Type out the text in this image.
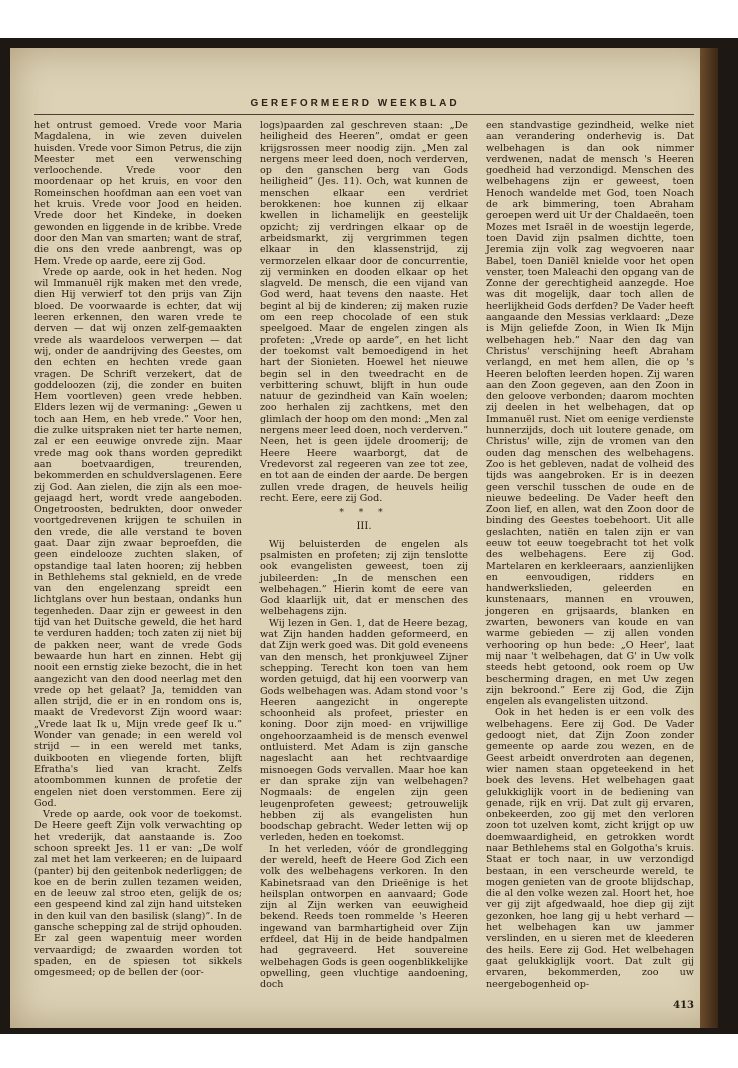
GEREFORMEERD WEEKBLAD

het ontrust gemoed. Vrede voor Maria Magdalena, in wie zeven duivelen huisden. Vrede voor Simon Petrus, die zijn Meester met een verwensching verloochende. Vrede voor den moordenaar op het kruis, en voor den Romeinschen hoofdman aan een voet van het kruis. Vrede voor Jood en heiden. Vrede door het Kindeke, in doeken gewonden en liggende in de kribbe. Vrede door den Man van smarten; want de straf, die ons den vrede aanbrengt, was op Hem. Vrede op aarde, eere zij God.

Vrede op aarde, ook in het heden. Nog wil Immanuël rijk maken met den vrede, dien Hij verwierf tot den prijs van Zijn bloed. De voorwaarde is echter, dat wij leeren erkennen, den waren vrede te derven — dat wij onzen zelf-gemaakten vrede als waardeloos verwerpen — dat wij, onder de aandrijving des Geestes, om den echten en hechten vrede gaan vragen. De Schrift verzekert, dat de goddeloozen (zij, die zonder en buiten Hem voortleven) geen vrede hebben. Elders lezen wij de vermaning: „Gewen u toch aan Hem, en heb vrede.” Voor hen, die zulke uitspraken niet ter harte nemen, zal er een eeuwige onvrede zijn. Maar vrede mag ook thans worden gepredikt aan boetvaardigen, treurenden, bekommerden en schuldverslagenen. Eere zij God. Aan zielen, die zijn als een moe-gejaagd hert, wordt vrede aangeboden. Ongetroosten, bedrukten, door onweder voortgedrevenen krijgen te schuilen in den vrede, die alle verstand te boven gaat. Daar zijn zwaar beproefden, die geen eindelooze zuchten slaken, of opstandige taal laten hooren; zij hebben in Bethlehems stal geknield, en de vrede van den engelenzang spreidt een lichtglans over hun bestaan, ondanks hun tegenheden. Daar zijn er geweest in den tijd van het Duitsche geweld, die het hard te verduren hadden; toch zaten zij niet bij de pakken neer, want de vrede Gods bewaarde hun hart en zinnen. Hebt gij nooit een ernstig zieke bezocht, die in het aangezicht van den dood neerlag met den vrede op het gelaat? Ja, temidden van allen strijd, die er in en rondom ons is, maakt de Vredevorst Zijn woord waar: „Vrede laat Ik u, Mijn vrede geef Ik u.” Wonder van genade; in een wereld vol strijd — in een wereld met tanks, duikbooten en vliegende forten, blijft Efratha's lied van kracht. Zelfs atoombommen kunnen de profetie der engelen niet doen verstommen. Eere zij God.

Vrede op aarde, ook voor de toekomst. De Heere geeft Zijn volk verwachting op het vrederijk, dat aanstaande is. Zoo schoon spreekt Jes. 11 er van: „De wolf zal met het lam verkeeren; en de luipaard (panter) bij den geitenbok nederliggen; de koe en de berin zullen tezamen weiden, en de leeuw zal stroo eten, gelijk de os; een gespeend kind zal zijn hand uitsteken in den kuil van den basilisk (slang)”. In de gansche schepping zal de strijd ophouden. Er zal geen wapentuig meer worden vervaardigd; de zwaarden worden tot spaden, en de spiesen tot sikkels omgesmeed; op de bellen der (oor-

logs)paarden zal geschreven staan: „De heiligheid des Heeren”, omdat er geen krijgsrossen meer noodig zijn. „Men zal nergens meer leed doen, noch verderven, op den ganschen berg van Gods heiligheid” (Jes. 11). Och, wat kunnen de menschen elkaar een verdriet berokkenen: hoe kunnen zij elkaar kwellen in lichamelijk en geestelijk opzicht; zij verdringen elkaar op de arbeidsmarkt, zij vergrimmen tegen elkaar in den klassenstrijd, zij vermorzelen elkaar door de concurrentie, zij verminken en dooden elkaar op het slagveld. De mensch, die een vijand van God werd, haat tevens den naaste. Het begint al bij de kinderen; zij maken ruzie om een reep chocolade of een stuk speelgoed. Maar de engelen zingen als profeten: „Vrede op aarde”, en het licht der toekomst valt bemoedigend in het hart der Sionieten. Hoewel het nieuwe begin sel in den tweedracht en de verbittering schuwt, blijft in hun oude natuur de gezindheid van Kaïn woelen; zoo herhalen zij zachtkens, met den glimlach der hoop om den mond: „Men zal nergens meer leed doen, noch verderven.” Neen, het is geen ijdele droomerij; de Heere Heere waarborgt, dat de Vredevorst zal regeeren van zee tot zee, en tot aan de einden der aarde. De bergen zullen vrede dragen, de heuvels heilig recht. Eere, eere zij God.

* * *
III.

Wij beluisterden de engelen als psalmisten en profeten; zij zijn tenslotte ook evangelisten geweest, toen zij jubileerden: „In de menschen een welbehagen.” Hierin komt de eere van God klaarlijk uit, dat er menschen des welbehagens zijn.

Wij lezen in Gen. 1, dat de Heere bezag, wat Zijn handen hadden geformeerd, en dat Zijn werk goed was. Dit gold eveneens van den mensch, het pronkjuweel Zijner schepping. Terecht kon toen van hem worden getuigd, dat hij een voorwerp van Gods welbehagen was. Adam stond voor 's Heeren aangezicht in ongerepte schoonheid als profeet, priester en koning. Door zijn moed- en vrijwillige ongehoorzaamheid is de mensch evenwel ontluisterd. Met Adam is zijn gansche nageslacht aan het rechtvaardige misnoegen Gods vervallen. Maar hoe kan er dan sprake zijn van welbehagen? Nogmaals: de engelen zijn geen leugenprofeten geweest; getrouwelijk hebben zij als evangelisten hun boodschap gebracht. Weder letten wij op verleden, heden en toekomst.

In het verleden, vóór de grondlegging der wereld, heeft de Heere God Zich een volk des welbehagens verkoren. In den Kabinetsraad van den Drieënige is het heilsplan ontworpen en aanvaard; Gode zijn al Zijn werken van eeuwigheid bekend. Reeds toen rommelde 's Heeren ingewand van barmhartigheid over Zijn erfdeel, dat Hij in de beide handpalmen had gegraveerd. Het souvereine welbehagen Gods is geen oogenblikkelijke opwelling, geen vluchtige aandoening, doch

een standvastige gezindheid, welke niet aan verandering onderhevig is. Dat welbehagen is dan ook nimmer verdwenen, nadat de mensch 's Heeren goedheid had verzondigd. Menschen des welbehagens zijn er geweest, toen Henoch wandelde met God, toen Noach de ark bimmering, toen Abraham geroepen werd uit Ur der Chaldaeën, toen Mozes met Israël in de woestijn legerde, toen David zijn psalmen dichtte, toen Jeremia zijn volk zag wegvoeren naar Babel, toen Daniël knielde voor het open venster, toen Maleachi den opgang van de Zonne der gerechtigheid aanzegde. Hoe was dit mogelijk, daar toch allen de heerlijkheid Gods derfden? De Vader heeft aangaande den Messias verklaard: „Deze is Mijn geliefde Zoon, in Wien Ik Mijn welbehagen heb.” Naar den dag van Christus' verschijning heeft Abraham verlangd, en met hem allen, die op 's Heeren beloften leerden hopen. Zij waren aan den Zoon gegeven, aan den Zoon in den geloove verbonden; daarom mochten zij deelen in het welbehagen, dat op Immanuël rust. Niet om eenige verdienste hunnerzijds, doch uit loutere genade, om Christus' wille, zijn de vromen van den ouden dag menschen des welbehagens. Zoo is het gebleven, nadat de volheid des tijds was aangebroken. Er is in deezen geen verschil tusschen de oude en de nieuwe bedeeling. De Vader heeft den Zoon lief, en allen, wat den Zoon door de binding des Geestes toebehoort. Uit alle geslachten, natiën en talen zijn er van eeuw tot eeuw toegebracht tot het volk des welbehagens. Eere zij God. Martelaren en kerkleeraars, aanzienlijken en eenvoudigen, ridders en handwerkslieden, geleerden en kunstenaars, mannen en vrouwen, jongeren en grijsaards, blanken en zwarten, bewoners van koude en van warme gebieden — zij allen vonden verhooring op hun bede: „O Heer', laat mij naar 't welbehagen, dat G' in Uw volk steeds hebt getoond, ook roem op Uw bescherming dragen, en met Uw zegen zijn bekroond.” Eere zij God, die Zijn engelen als evangelisten uitzond.

Ook in het heden is er een volk des welbehagens. Eere zij God. De Vader gedoogt niet, dat Zijn Zoon zonder gemeente op aarde zou wezen, en de Geest arbeidt onverdroten aan degenen, wier namen staan opgeteekend in het boek des levens. Het welbehagen gaat gelukkiglijk voort in de bediening van genade, rijk en vrij. Dat zult gij ervaren, onbekeerden, zoo gij met den verloren zoon tot uzelven komt, zicht krijgt op uw doemwaardigheid, en getrokken wordt naar Bethlehems stal en Golgotha's kruis. Staat er toch naar, in uw verzondigd bestaan, in een verscheurde wereld, te mogen genieten van de groote blijdschap, die al den volke wezen zal. Hoort het, hoe ver gij zijt afgedwaald, hoe diep gij zijt gezonken, hoe lang gij u hebt verhard — het welbehagen kan uw jammer verslinden, en u sieren met de kleederen des heils. Eere zij God. Het welbehagen gaat gelukkiglijk voort. Dat zult gij ervaren, bekommerden, zoo uw neergebogenheid op-

413
